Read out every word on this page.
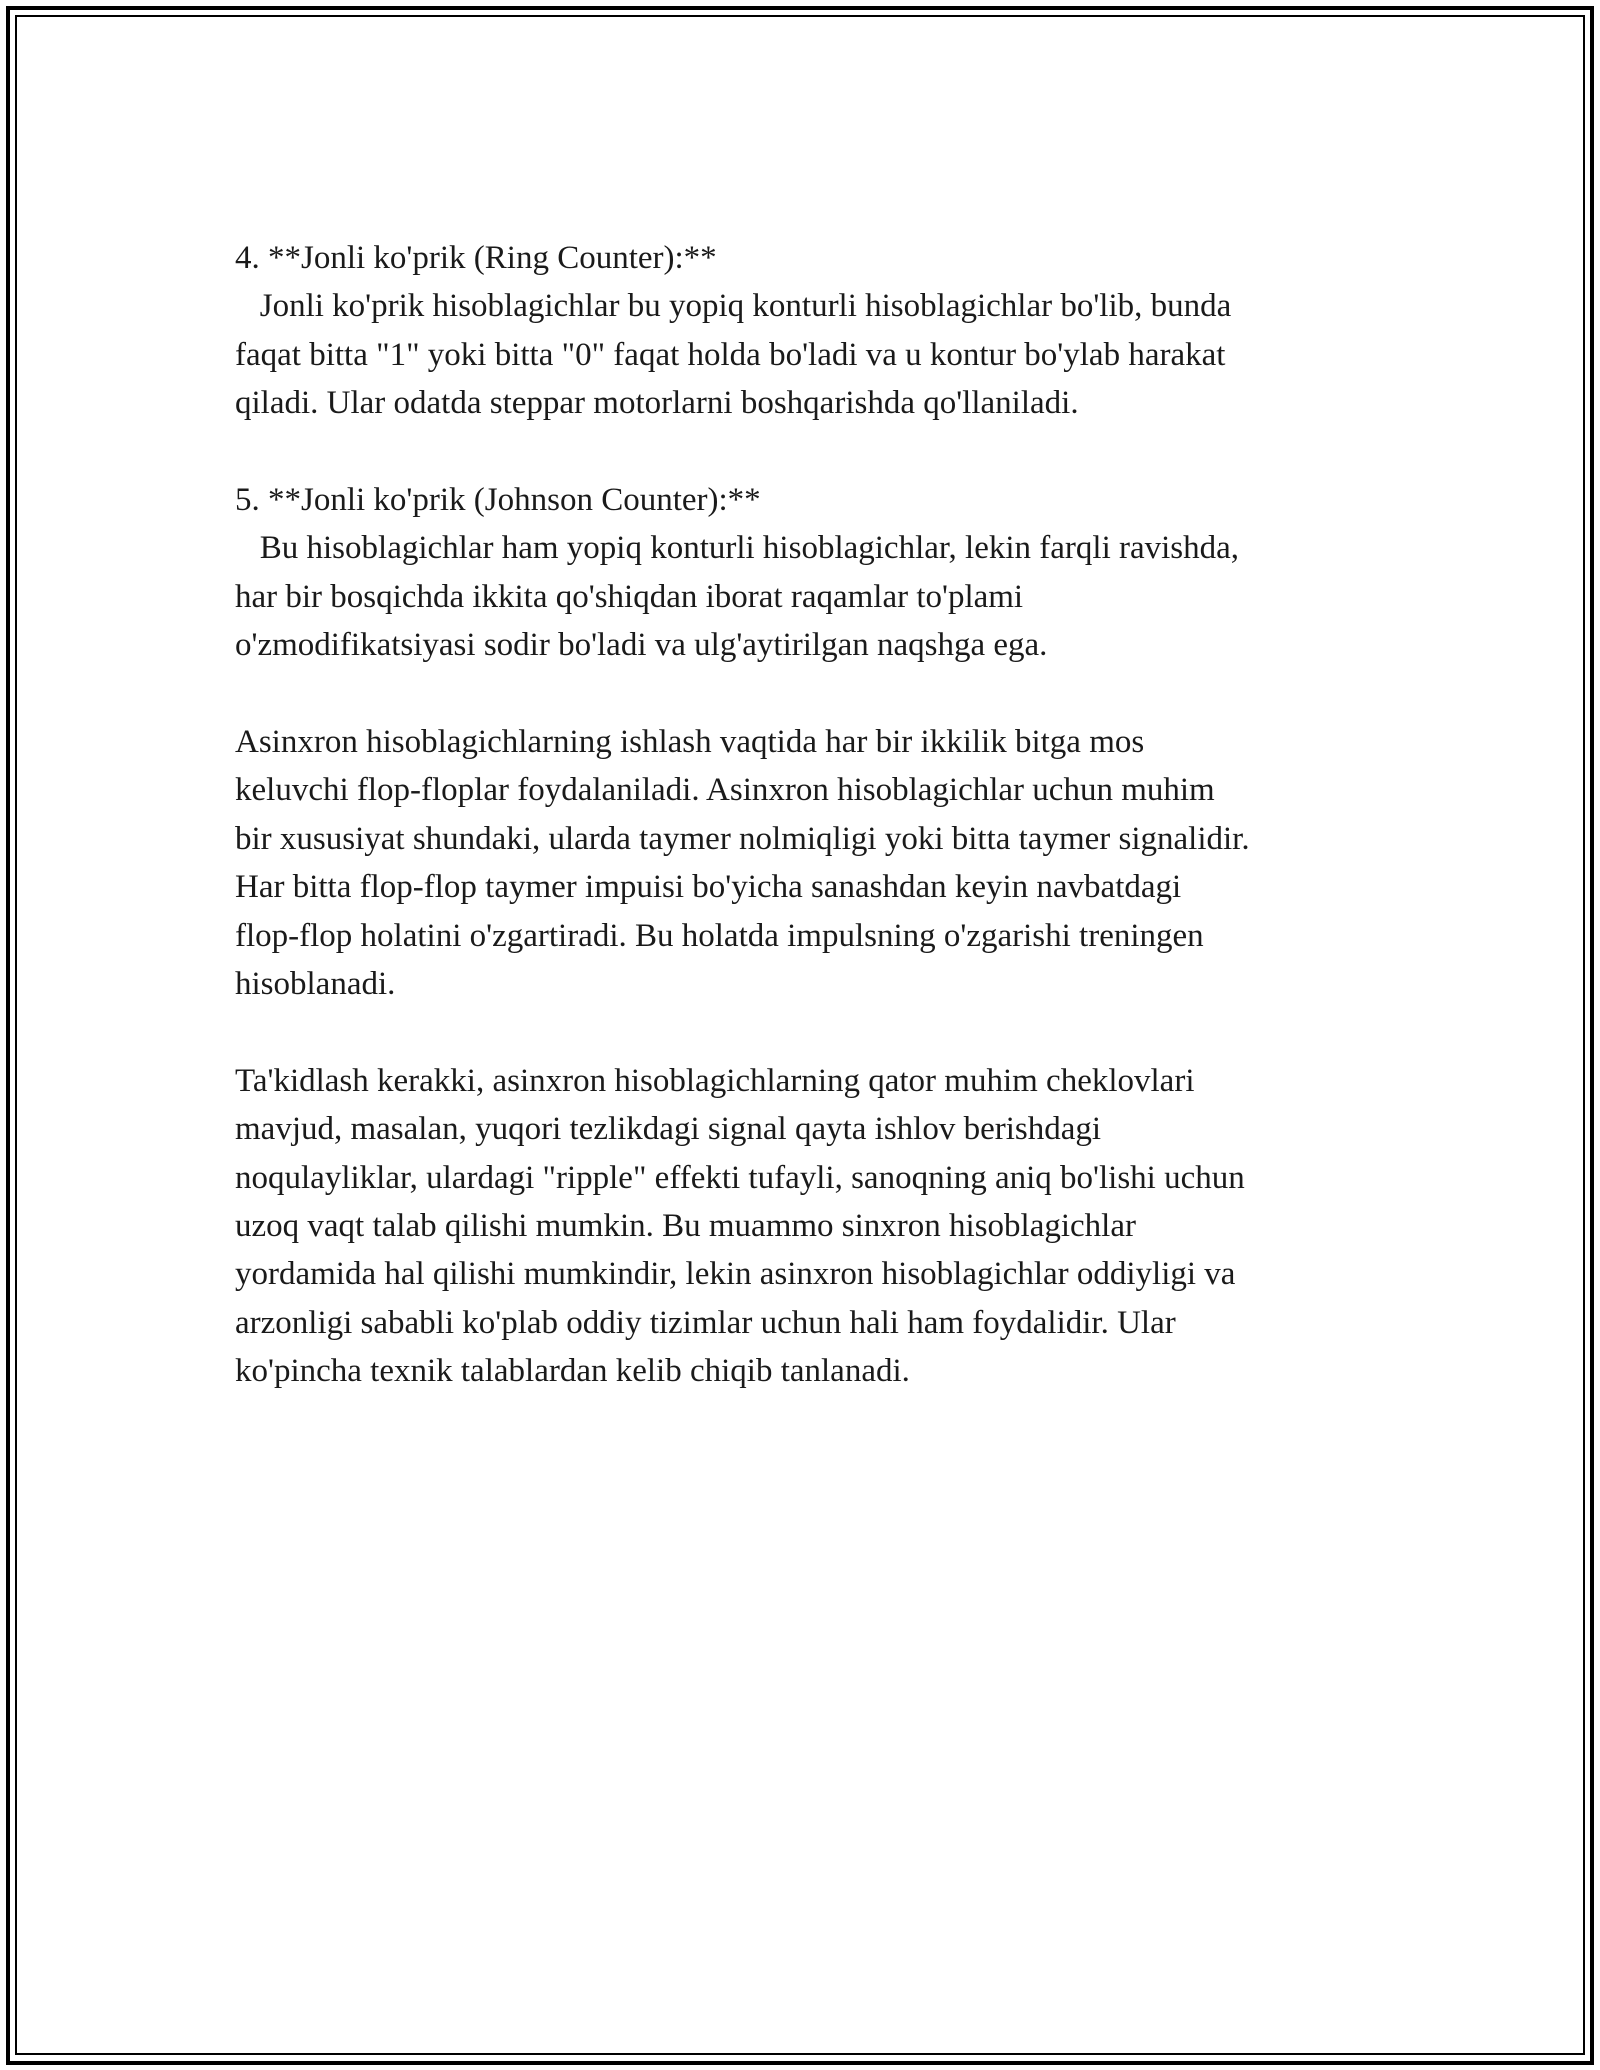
4. **Jonli ko'prik (Ring Counter):**

Jonli ko'prik hisoblagichlar bu yopiq konturli hisoblagichlar bo'lib, bunda
faqat bitta "1" yoki bitta "0" faqat holda bo'ladi va u kontur bo'ylab harakat
qiladi. Ular odatda steppar motorlarni boshqarishda qo'llaniladi.

5. **Jonli ko'prik (Johnson Counter):**

Bu hisoblagichlar ham yopiq konturli hisoblagichlar, lekin farqli ravishda,
har bir bosqichda ikkita qo'shiqdan iborat raqamlar to'plami
o'zmodifikatsiyasi sodir bo'ladi va ulg'aytirilgan naqshga ega.

Asinxron hisoblagichlarning ishlash vaqtida har bir ikkilik bitga mos
keluvchi flop-floplar foydalaniladi. Asinxron hisoblagichlar uchun muhim
bir xususiyat shundaki, ularda taymer nolmiqligi yoki bitta taymer signalidir.
Har bitta flop-flop taymer impuisi bo'yicha sanashdan keyin navbatdagi
flop-flop holatini o'zgartiradi. Bu holatda impulsning o'zgarishi treningen
hisoblanadi.

Ta'kidlash kerakki, asinxron hisoblagichlarning qator muhim cheklovlari
mavjud, masalan, yuqori tezlikdagi signal qayta ishlov berishdagi
noqulayliklar, ulardagi "ripple" effekti tufayli, sanoqning aniq bo'lishi uchun
uzoq vaqt talab qilishi mumkin. Bu muammo sinxron hisoblagichlar
yordamida hal qilishi mumkindir, lekin asinxron hisoblagichlar oddiyligi va
arzonligi sababli ko'plab oddiy tizimlar uchun hali ham foydalidir. Ular
ko'pincha texnik talablardan kelib chiqib tanlanadi.
